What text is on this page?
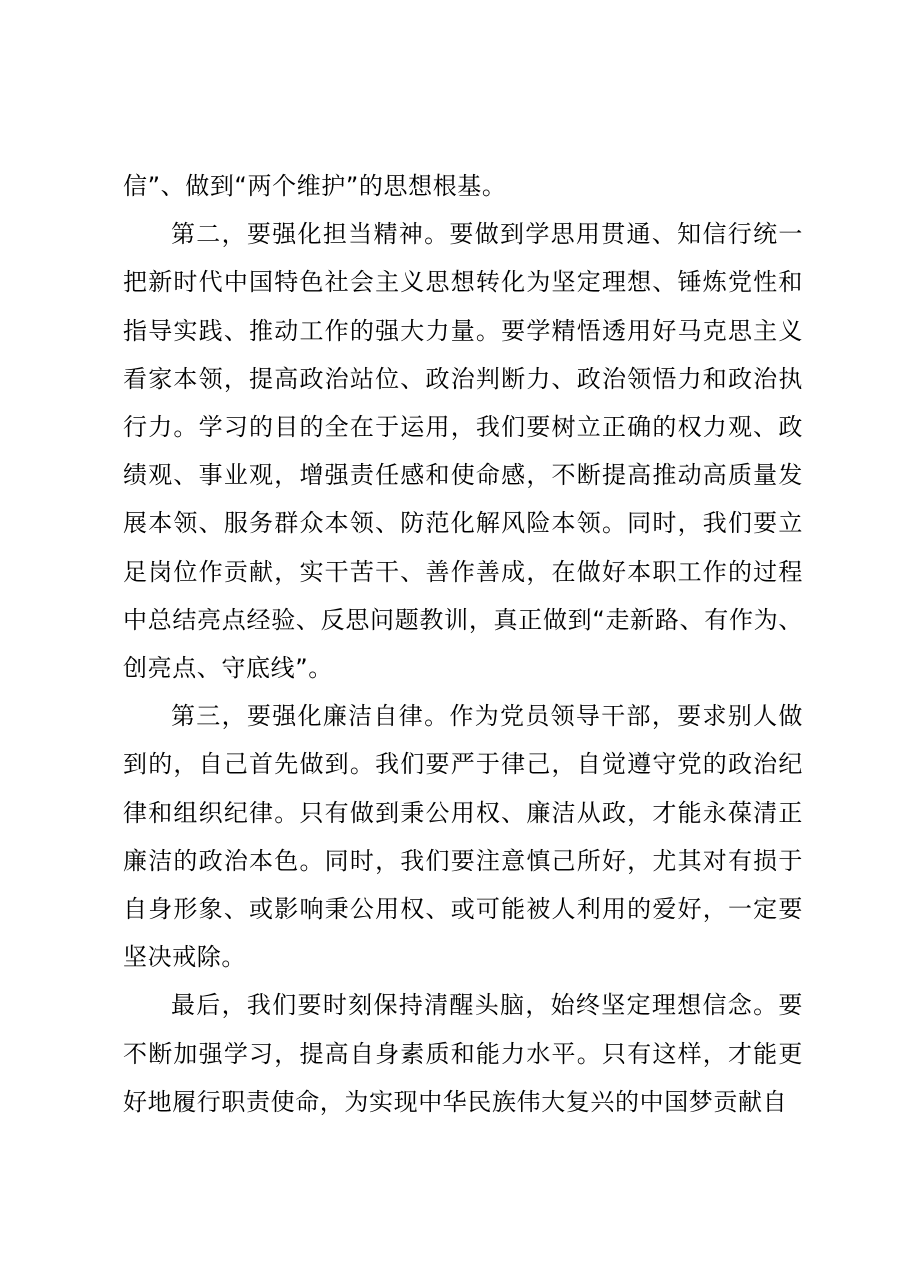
信”、做到“两个维护”的思想根基。

第二，要强化担当精神。要做到学思用贯通、知信行统一把新时代中国特色社会主义思想转化为坚定理想、锤炼党性和指导实践、推动工作的强大力量。要学精悟透用好马克思主义看家本领，提高政治站位、政治判断力、政治领悟力和政治执行力。学习的目的全在于运用，我们要树立正确的权力观、政绩观、事业观，增强责任感和使命感，不断提高推动高质量发展本领、服务群众本领、防范化解风险本领。同时，我们要立足岗位作贡献，实干苦干、善作善成，在做好本职工作的过程中总结亮点经验、反思问题教训，真正做到“走新路、有作为、创亮点、守底线”。

第三，要强化廉洁自律。作为党员领导干部，要求别人做到的，自己首先做到。我们要严于律己，自觉遵守党的政治纪律和组织纪律。只有做到秉公用权、廉洁从政，才能永葆清正廉洁的政治本色。同时，我们要注意慎己所好，尤其对有损于自身形象、或影响秉公用权、或可能被人利用的爱好，一定要坚决戒除。

最后，我们要时刻保持清醒头脑，始终坚定理想信念。要不断加强学习，提高自身素质和能力水平。只有这样，才能更好地履行职责使命，为实现中华民族伟大复兴的中国梦贡献自
